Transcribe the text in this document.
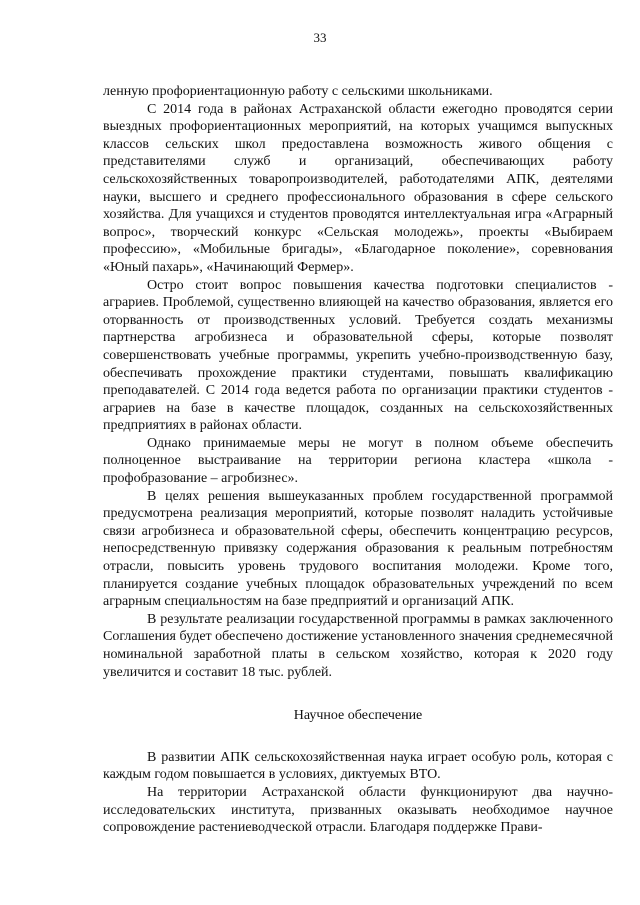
33

ленную профориентационную работу с сельскими школьниками.

С 2014 года в районах Астраханской области ежегодно проводятся серии выездных профориентационных мероприятий, на которых учащимся выпускных классов сельских школ предоставлена возможность живого общения с представителями служб и организаций, обеспечивающих работу сельскохозяйственных товаропроизводителей, работодателями АПК, деятелями науки, высшего и среднего профессионального образования в сфере сельского хозяйства. Для учащихся и студентов проводятся интеллектуальная игра «Аграрный вопрос», творческий конкурс «Сельская молодежь», проекты «Выбираем профессию», «Мобильные бригады», «Благодарное поколение», соревнования «Юный пахарь», «Начинающий Фермер».

Остро стоит вопрос повышения качества подготовки специалистов - аграриев. Проблемой, существенно влияющей на качество образования, является его оторванность от производственных условий. Требуется создать механизмы партнерства агробизнеса и образовательной сферы, которые позволят совершенствовать учебные программы, укрепить учебно-производственную базу, обеспечивать прохождение практики студентами, повышать квалификацию преподавателей. С 2014 года ведется работа по организации практики студентов - аграриев на базе в качестве площадок, созданных на сельскохозяйственных предприятиях в районах области.

Однако принимаемые меры не могут в полном объеме обеспечить полноценное выстраивание на территории региона кластера «школа - профобразование – агробизнес».

В целях решения вышеуказанных проблем государственной программой предусмотрена реализация мероприятий, которые позволят наладить устойчивые связи агробизнеса и образовательной сферы, обеспечить концентрацию ресурсов, непосредственную привязку содержания образования к реальным потребностям отрасли, повысить уровень трудового воспитания молодежи. Кроме того, планируется создание учебных площадок образовательных учреждений по всем аграрным специальностям на базе предприятий и организаций АПК.

В результате реализации государственной программы в рамках заключенного Соглашения будет обеспечено достижение установленного значения среднемесячной номинальной заработной платы в сельском хозяйство, которая к 2020 году увеличится и составит 18 тыс. рублей.

Научное обеспечение

В развитии АПК сельскохозяйственная наука играет особую роль, которая с каждым годом повышается в условиях, диктуемых ВТО.

На территории Астраханской области функционируют два научно-исследовательских института, призванных оказывать необходимое научное сопровождение растениеводческой отрасли. Благодаря поддержке Прави-
